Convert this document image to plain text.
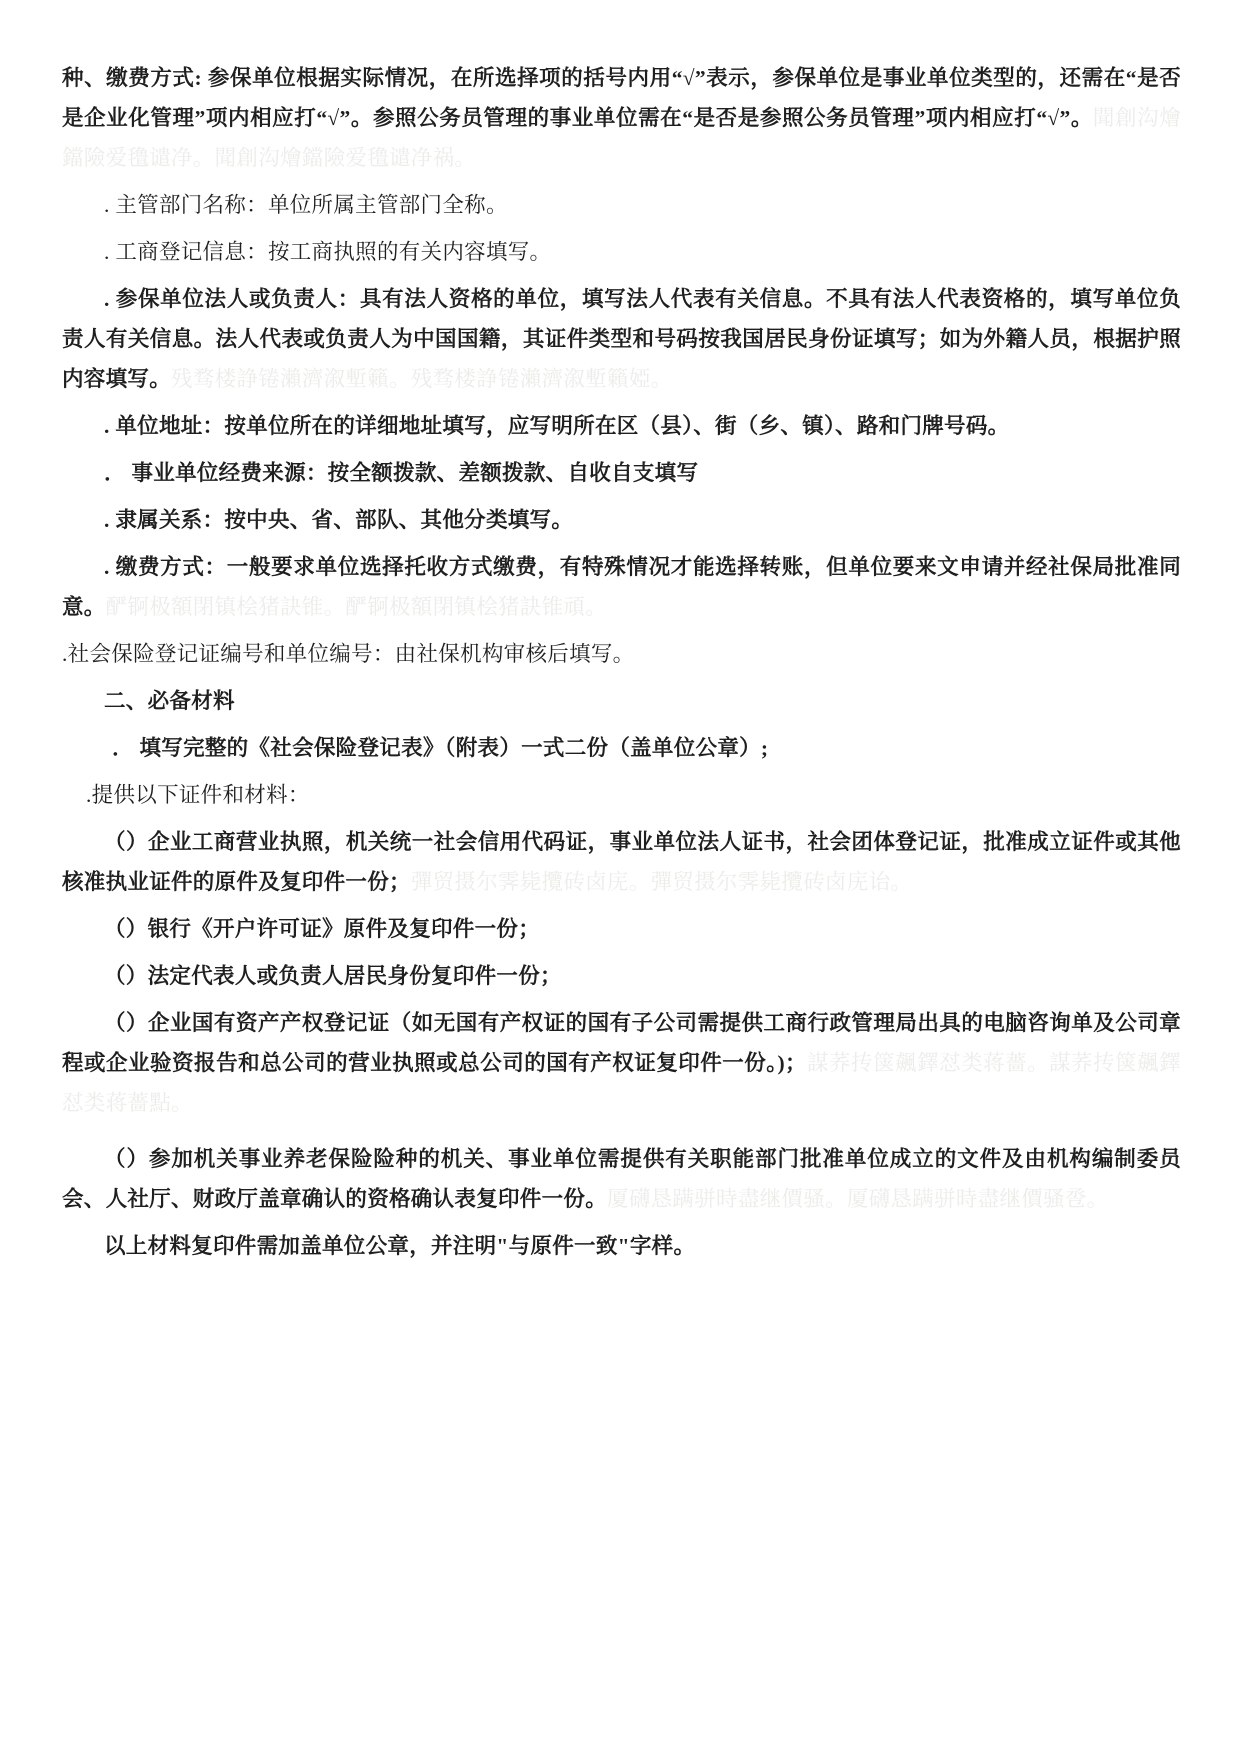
种、缴费方式: 参保单位根据实际情况，在所选择项的括号内用“√”表示，参保单位是事业单位类型的，还需在“是否是企业化管理”项内相应打“√”。参照公务员管理的事业单位需在“是否是参照公务员管理”项内相应打“√”。聞創沟燴鐺險爱氇谴净。聞創沟燴鐺險爱氇谴净祸。

. 主管部门名称：单位所属主管部门全称。

. 工商登记信息：按工商执照的有关内容填写。

. 参保单位法人或负责人：具有法人资格的单位，填写法人代表有关信息。不具有法人代表资格的，填写单位负责人有关信息。法人代表或负责人为中国国籍，其证件类型和号码按我国居民身份证填写；如为外籍人员，根据护照内容填写。残骛楼諍锩瀨濟溆塹籟。残骛楼諍锩瀨濟溆塹籟婭。

. 单位地址：按单位所在的详细地址填写，应写明所在区（县）、街（乡、镇）、路和门牌号码。

． 事业单位经费来源：按全额拨款、差额拨款、自收自支填写

. 隶属关系：按中央、省、部队、其他分类填写。

. 缴费方式：一般要求单位选择托收方式缴费，有特殊情况才能选择转账，但单位要来文申请并经社保局批准同意。酽锕极額閉镇桧猪訣锥。酽锕极額閉镇桧猪訣锥頑。

.社会保险登记证编号和单位编号：由社保机构审核后填写。

二、必备材料

． 填写完整的《社会保险登记表》（附表）一式二份（盖单位公章）;

.提供以下证件和材料：

（）企业工商营业执照，机关统一社会信用代码证，事业单位法人证书，社会团体登记证，批准成立证件或其他核准执业证件的原件及复印件一份；彈贸摄尔霁毙攬砖卤庑。彈贸摄尔霁毙攬砖卤庑诒。

（）银行《开户许可证》原件及复印件一份；

（）法定代表人或负责人居民身份复印件一份；

（）企业国有资产产权登记证（如无国有产权证的国有子公司需提供工商行政管理局出具的电脑咨询单及公司章程或企业验资报告和总公司的营业执照或总公司的国有产权证复印件一份。)；謀荞抟箧飆鐸怼类蒋薔。謀荞抟箧飆鐸怼类蒋薔點。

（）参加机关事业养老保险险种的机关、事业单位需提供有关职能部门批准单位成立的文件及由机构编制委员会、人社厅、财政厅盖章确认的资格确认表复印件一份。厦礴恳蹒骈時盡继價骚。厦礴恳蹒骈時盡继價骚卺。

以上材料复印件需加盖单位公章，并注明"与原件一致"字样。
